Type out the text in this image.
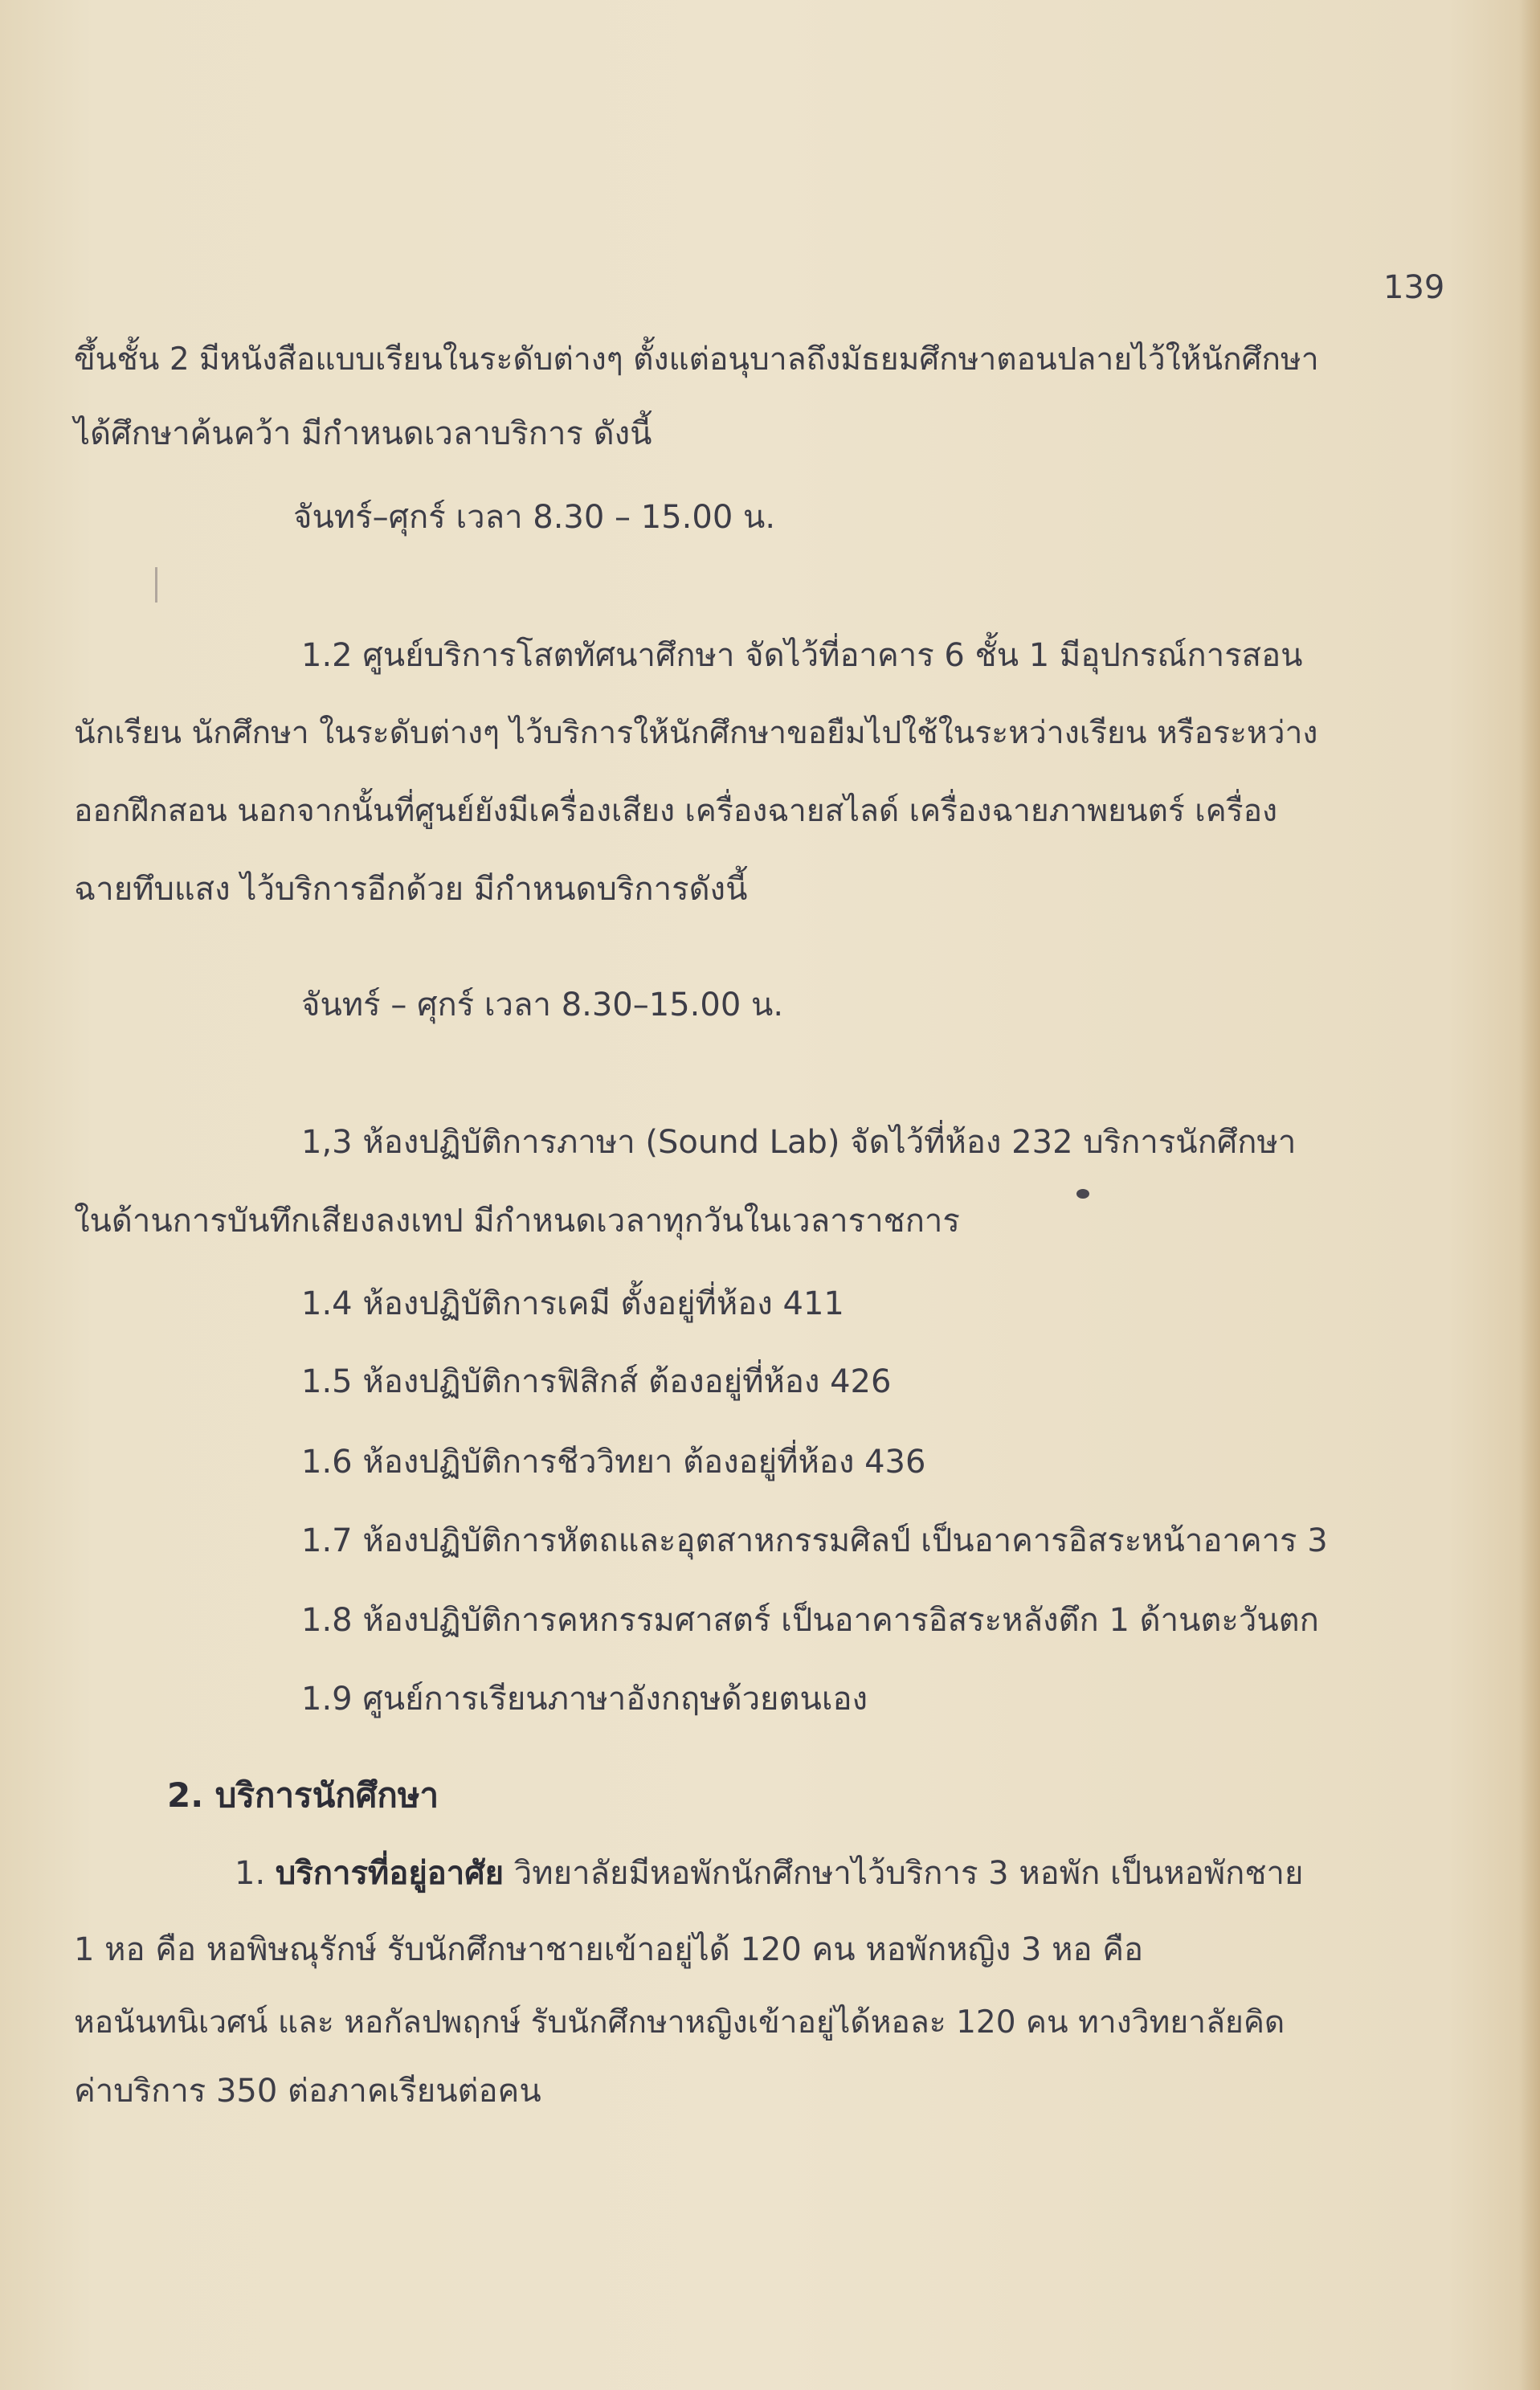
139
ขึ้นชั้น 2 มีหนังสือแบบเรียนในระดับต่างๆ ตั้งแต่อนุบาลถึงมัธยมศึกษาตอนปลายไว้ให้นักศึกษา
ได้ศึกษาค้นคว้า มีกำหนดเวลาบริการ ดังนี้
จันทร์–ศุกร์ เวลา 8.30 – 15.00 น.
1.2 ศูนย์บริการโสตทัศนาศึกษา จัดไว้ที่อาคาร 6 ชั้น 1 มีอุปกรณ์การสอน
นักเรียน นักศึกษา ในระดับต่างๆ ไว้บริการให้นักศึกษาขอยืมไปใช้ในระหว่างเรียน หรือระหว่าง
ออกฝึกสอน นอกจากนั้นที่ศูนย์ยังมีเครื่องเสียง เครื่องฉายสไลด์ เครื่องฉายภาพยนตร์ เครื่อง
ฉายทึบแสง ไว้บริการอีกด้วย มีกำหนดบริการดังนี้
จันทร์ – ศุกร์ เวลา 8.30–15.00 น.
1,3 ห้องปฏิบัติการภาษา (Sound Lab) จัดไว้ที่ห้อง 232 บริการนักศึกษา
ในด้านการบันทึกเสียงลงเทป มีกำหนดเวลาทุกวันในเวลาราชการ
1.4 ห้องปฏิบัติการเคมี ตั้งอยู่ที่ห้อง 411
1.5 ห้องปฏิบัติการฟิสิกส์ ต้องอยู่ที่ห้อง 426
1.6 ห้องปฏิบัติการชีววิทยา ต้องอยู่ที่ห้อง 436
1.7 ห้องปฏิบัติการหัตถและอุตสาหกรรมศิลป์ เป็นอาคารอิสระหน้าอาคาร 3
1.8 ห้องปฏิบัติการคหกรรมศาสตร์ เป็นอาคารอิสระหลังตึก 1 ด้านตะวันตก
1.9 ศูนย์การเรียนภาษาอังกฤษด้วยตนเอง
2. บริการนักศึกษา
1. บริการที่อยู่อาศัย วิทยาลัยมีหอพักนักศึกษาไว้บริการ 3 หอพัก เป็นหอพักชาย
1 หอ คือ หอพิษณุรักษ์ รับนักศึกษาชายเข้าอยู่ได้ 120 คน หอพักหญิง 3 หอ คือ
หอนันทนิเวศน์ และ หอกัลปพฤกษ์ รับนักศึกษาหญิงเข้าอยู่ได้หอละ 120 คน ทางวิทยาลัยคิด
ค่าบริการ 350 ต่อภาคเรียนต่อคน
